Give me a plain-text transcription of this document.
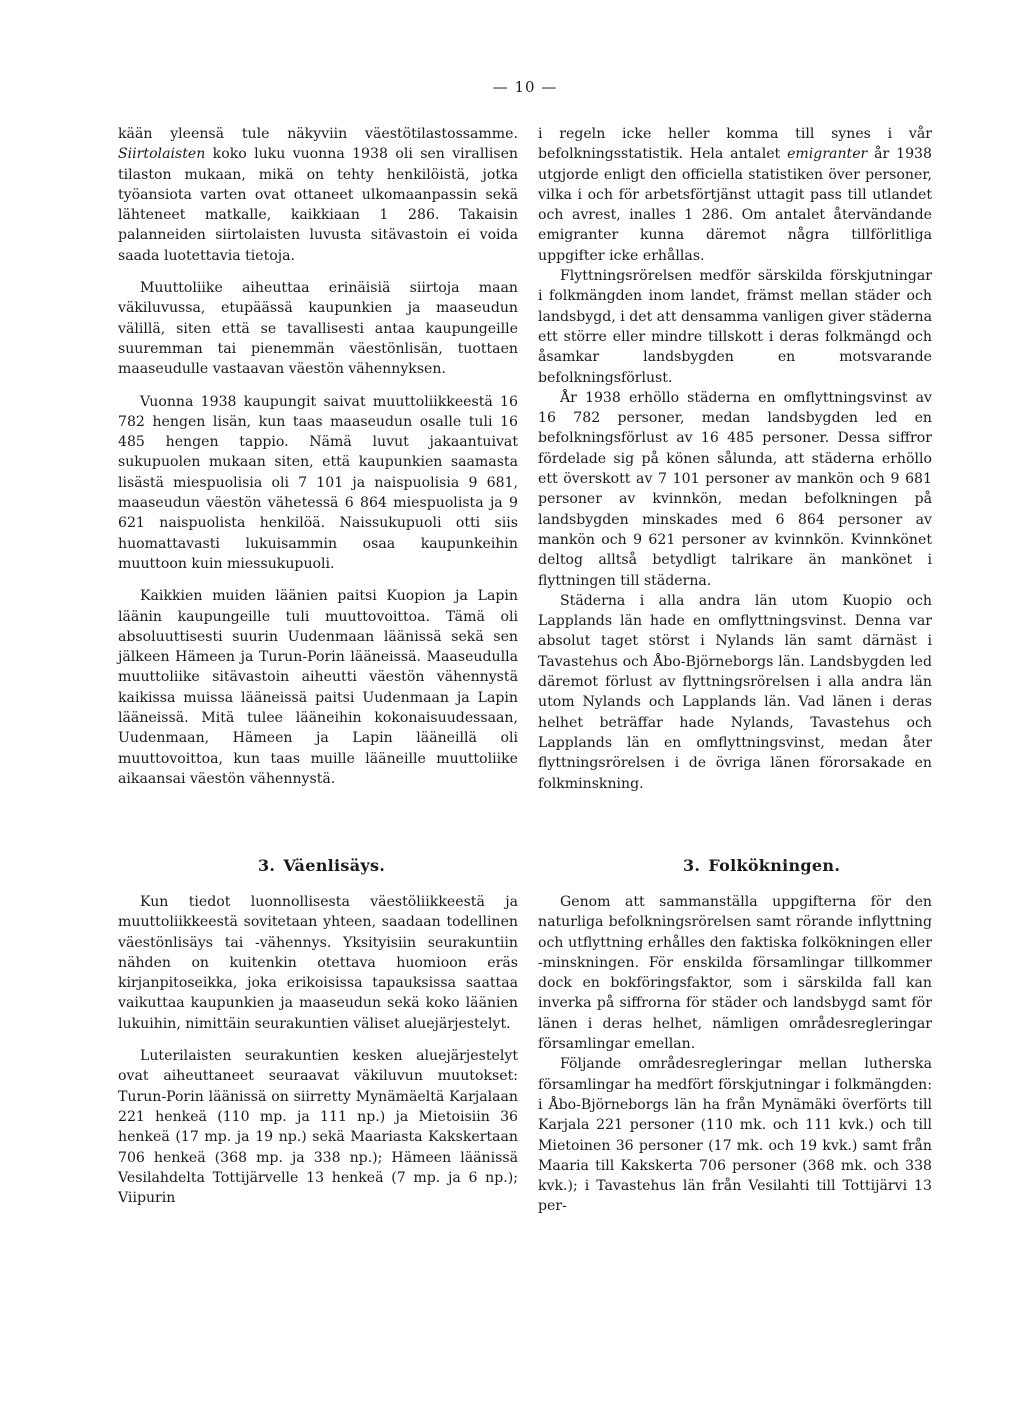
— 10 —

kään yleensä tule näkyviin väestötilastossamme. Siirtolaisten koko luku vuonna 1938 oli sen virallisen tilaston mukaan, mikä on tehty henkilöistä, jotka työansiota varten ovat ottaneet ulkomaanpassin sekä lähteneet matkalle, kaikkiaan 1 286. Takaisin palanneiden siirtolaisten luvusta sitävastoin ei voida saada luotettavia tietoja.

Muuttoliike aiheuttaa erinäisiä siirtoja maan väkiluvussa, etupäässä kaupunkien ja maaseudun välillä, siten että se tavallisesti antaa kaupungeille suuremman tai pienemmän väestönlisän, tuottaen maaseudulle vastaavan väestön vähennyksen.

Vuonna 1938 kaupungit saivat muuttoliikkeestä 16 782 hengen lisän, kun taas maaseudun osalle tuli 16 485 hengen tappio. Nämä luvut jakaantuivat sukupuolen mukaan siten, että kaupunkien saamasta lisästä miespuolisia oli 7 101 ja naispuolisia 9 681, maaseudun väestön vähetessä 6 864 miespuolista ja 9 621 naispuolista henkilöä. Naissukupuoli otti siis huomattavasti lukuisammin osaa kaupunkeihin muuttoon kuin miessukupuoli.

Kaikkien muiden läänien paitsi Kuopion ja Lapin läänin kaupungeille tuli muuttovoittoa. Tämä oli absoluuttisesti suurin Uudenmaan läänissä sekä sen jälkeen Hämeen ja Turun-Porin lääneissä. Maaseudulla muuttoliike sitävastoin aiheutti väestön vähennystä kaikissa muissa lääneissä paitsi Uudenmaan ja Lapin lääneissä. Mitä tulee lääneihin kokonaisuudessaan, Uudenmaan, Hämeen ja Lapin lääneillä oli muuttovoittoa, kun taas muille lääneille muuttoliike aikaansai väestön vähennystä.

i regeln icke heller komma till synes i vår befolkningsstatistik. Hela antalet emigranter år 1938 utgjorde enligt den officiella statistiken över personer, vilka i och för arbetsförtjänst uttagit pass till utlandet och avrest, inalles 1 286. Om antalet återvändande emigranter kunna däremot några tillförlitliga uppgifter icke erhållas.

Flyttningsrörelsen medför särskilda förskjutningar i folkmängden inom landet, främst mellan städer och landsbygd, i det att densamma vanligen giver städerna ett större eller mindre tillskott i deras folkmängd och åsamkar landsbygden en motsvarande befolkningsförlust.

År 1938 erhöllo städerna en omflyttningsvinst av 16 782 personer, medan landsbygden led en befolkningsförlust av 16 485 personer. Dessa siffror fördelade sig på könen sålunda, att städerna erhöllo ett överskott av 7 101 personer av mankön och 9 681 personer av kvinnkön, medan befolkningen på landsbygden minskades med 6 864 personer av mankön och 9 621 personer av kvinnkön. Kvinnkönet deltog alltså betydligt talrikare än mankönet i flyttningen till städerna.

Städerna i alla andra län utom Kuopio och Lapplands län hade en omflyttningsvinst. Denna var absolut taget störst i Nylands län samt därnäst i Tavastehus och Åbo-Björneborgs län. Landsbygden led däremot förlust av flyttningsrörelsen i alla andra län utom Nylands och Lapplands län. Vad länen i deras helhet beträffar hade Nylands, Tavastehus och Lapplands län en omflyttningsvinst, medan åter flyttningsrörelsen i de övriga länen förorsakade en folkminskning.

3. Väenlisäys.	3. Folkökningen.

Kun tiedot luonnollisesta väestöliikkeestä ja muuttoliikkeestä sovitetaan yhteen, saadaan todellinen väestönlisäys tai -vähennys. Yksityisiin seurakuntiin nähden on kuitenkin otettava huomioon eräs kirjanpitoseikka, joka erikoisissa tapauksissa saattaa vaikuttaa kaupunkien ja maaseudun sekä koko läänien lukuihin, nimittäin seurakuntien väliset aluejärjestelyt.

Luterilaisten seurakuntien kesken aluejärjestelyt ovat aiheuttaneet seuraavat väkiluvun muutokset: Turun-Porin läänissä on siirretty Mynämäeltä Karjalaan 221 henkeä (110 mp. ja 111 np.) ja Mietoisiin 36 henkeä (17 mp. ja 19 np.) sekä Maariasta Kakskertaan 706 henkeä (368 mp. ja 338 np.); Hämeen läänissä Vesilahdelta Tottijärvelle 13 henkeä (7 mp. ja 6 np.); Viipurin

Genom att sammanställa uppgifterna för den naturliga befolkningsrörelsen samt rörande inflyttning och utflyttning erhålles den faktiska folkökningen eller -minskningen. För enskilda församlingar tillkommer dock en bokföringsfaktor, som i särskilda fall kan inverka på siffrorna för städer och landsbygd samt för länen i deras helhet, nämligen områdesregleringar församlingar emellan.

Följande områdesregleringar mellan lutherska församlingar ha medfört förskjutningar i folkmängden: i Åbo-Björneborgs län ha från Mynämäki överförts till Karjala 221 personer (110 mk. och 111 kvk.) och till Mietoinen 36 personer (17 mk. och 19 kvk.) samt från Maaria till Kakskerta 706 personer (368 mk. och 338 kvk.); i Tavastehus län från Vesilahti till Tottijärvi 13 per-
